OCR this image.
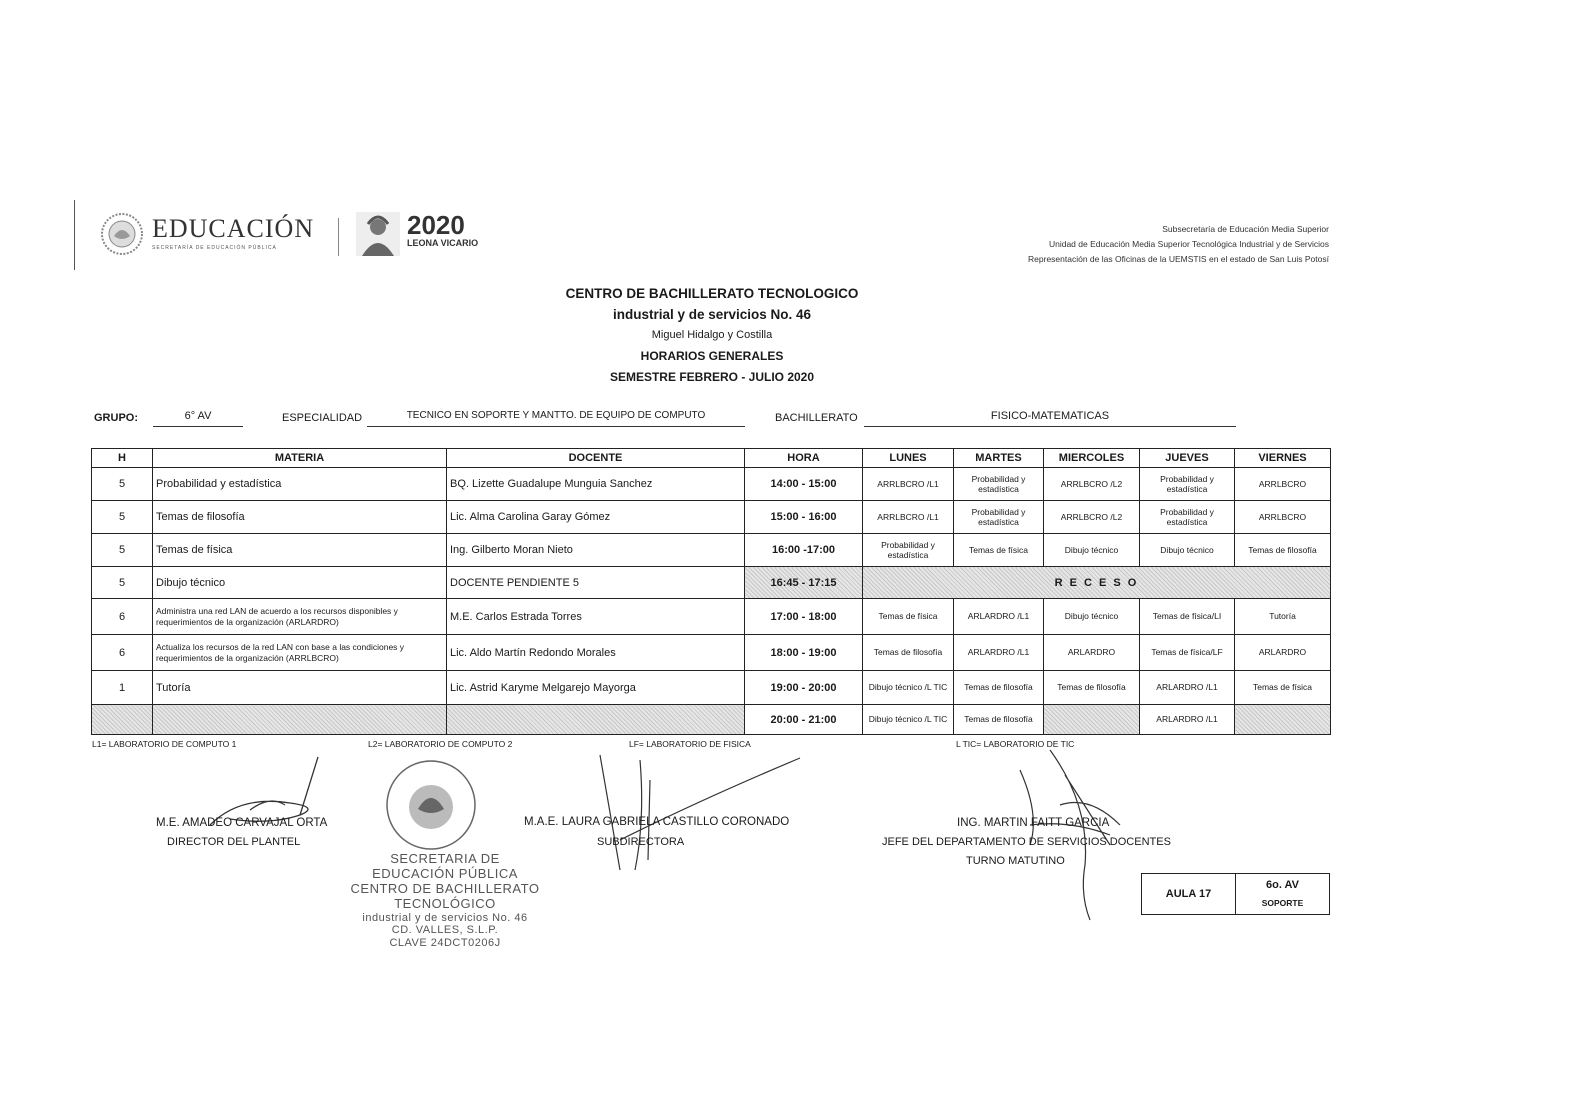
EDUCACIÓN
SECRETARÍA DE EDUCACIÓN PÚBLICA
2020
LEONA VICARIO
Subsecretaría de Educación Media Superior
Unidad de Educación Media Superior Tecnológica Industrial y de Servicios
Representación de las Oficinas de la UEMSTIS en el estado de San Luis Potosí
CENTRO DE BACHILLERATO TECNOLOGICO
industrial y de servicios No. 46
Miguel Hidalgo y Costilla
HORARIOS GENERALES
SEMESTRE FEBRERO - JULIO 2020
GRUPO:	6° AV	ESPECIALIDAD	TECNICO EN SOPORTE Y MANTTO. DE EQUIPO DE COMPUTO	BACHILLERATO	FISICO-MATEMATICAS
H	MATERIA	DOCENTE	HORA	LUNES	MARTES	MIERCOLES	JUEVES	VIERNES
5	Probabilidad y estadística	BQ. Lizette Guadalupe Munguia Sanchez	14:00 - 15:00	ARRLBCRO /L1	Probabilidad y estadística	ARRLBCRO /L2	Probabilidad y estadística	ARRLBCRO
5	Temas de filosofía	Lic. Alma Carolina Garay Gómez	15:00 - 16:00	ARRLBCRO /L1	Probabilidad y estadística	ARRLBCRO /L2	Probabilidad y estadística	ARRLBCRO
5	Temas de física	Ing. Gilberto Moran Nieto	16:00 -17:00	Probabilidad y estadística	Temas de física	Dibujo técnico	Dibujo técnico	Temas de filosofía
5	Dibujo técnico	DOCENTE PENDIENTE 5	16:45 - 17:15	R E C E S O				
6	Administra una red LAN de acuerdo a los recursos disponibles y requerimientos de la organización (ARLARDRO)	M.E. Carlos Estrada Torres	17:00 - 18:00	Temas de física	ARLARDRO /L1	Dibujo técnico	Temas de física/LI	Tutoría
6	Actualiza los recursos de la red LAN con base a las condiciones y requerimientos de la organización (ARRLBCRO)	Lic. Aldo Martín Redondo Morales	18:00 - 19:00	Temas de filosofía	ARLARDRO /L1	ARLARDRO	Temas de física/LF	ARLARDRO
1	Tutoría	Lic. Astrid Karyme Melgarejo Mayorga	19:00 - 20:00	Dibujo técnico /L TIC	Temas de filosofía	Temas de filosofía	ARLARDRO /L1	Temas de física
			20:00 - 21:00	Dibujo técnico /L TIC	Temas de filosofía		ARLARDRO /L1	
L1= LABORATORIO DE COMPUTO 1	L2= LABORATORIO DE COMPUTO 2	LF= LABORATORIO DE FISICA	L TIC= LABORATORIO DE TIC
M.E. AMADEO CARVAJAL ORTA
DIRECTOR DEL PLANTEL
M.A.E. LAURA GABRIELA CASTILLO CORONADO
SUBDIRECTORA
ING. MARTIN FAITT GARCIA
JEFE DEL DEPARTAMENTO DE SERVICIOS DOCENTES
TURNO MATUTINO
SECRETARIA DE
EDUCACIÓN PÚBLICA
CENTRO DE BACHILLERATO
TECNOLÓGICO
industrial y de servicios No. 46
CD. VALLES, S.L.P.
CLAVE 24DCT0206J
AULA 17
6o. AV
SOPORTE
